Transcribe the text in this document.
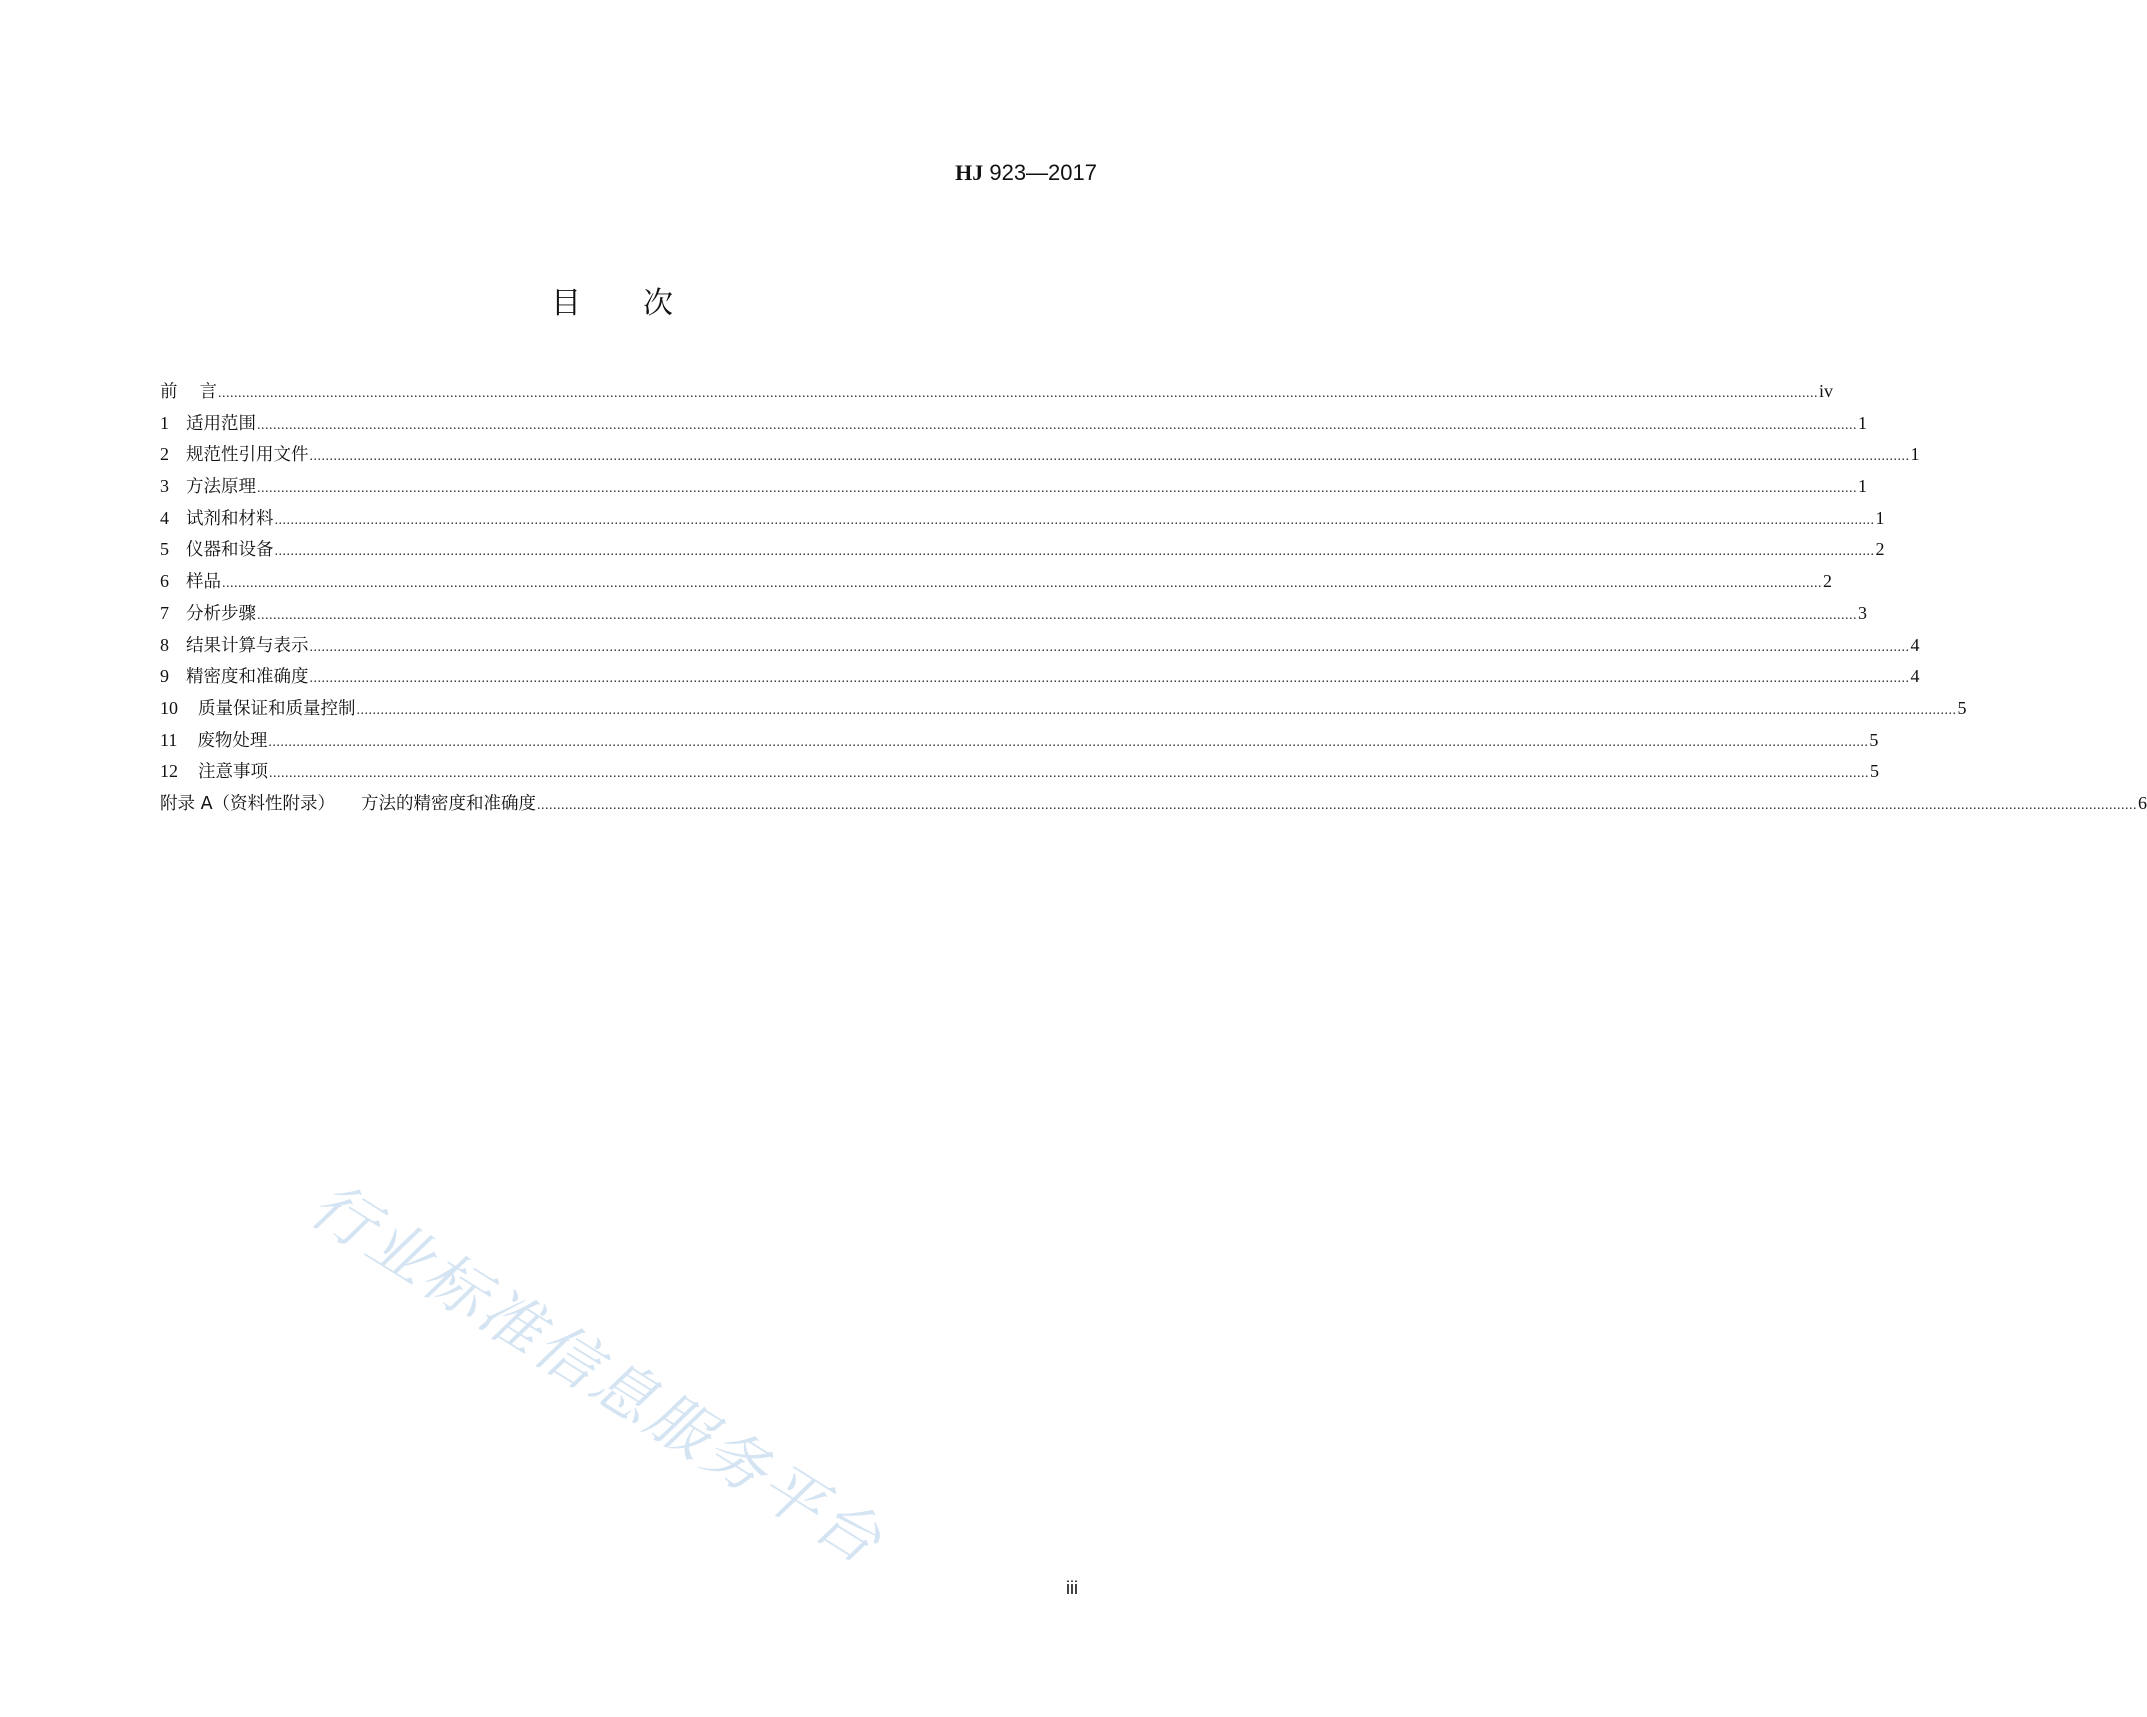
HJ 923—2017
目次
前 言 ................................................................................................................................................................................................................................................................................................................................................................................................................ iv
1 适用范围 ................................................................................................................................................................................................................................................................................................................................................................................................................ 1
2 规范性引用文件 ................................................................................................................................................................................................................................................................................................................................................................................................................ 1
3 方法原理 ................................................................................................................................................................................................................................................................................................................................................................................................................ 1
4 试剂和材料 ................................................................................................................................................................................................................................................................................................................................................................................................................ 1
5 仪器和设备 ................................................................................................................................................................................................................................................................................................................................................................................................................ 2
6 样品 ................................................................................................................................................................................................................................................................................................................................................................................................................ 2
7 分析步骤 ................................................................................................................................................................................................................................................................................................................................................................................................................ 3
8 结果计算与表示 ................................................................................................................................................................................................................................................................................................................................................................................................................ 4
9 精密度和准确度 ................................................................................................................................................................................................................................................................................................................................................................................................................ 4
10 质量保证和质量控制 ................................................................................................................................................................................................................................................................................................................................................................................................................ 5
11 废物处理 ................................................................................................................................................................................................................................................................................................................................................................................................................ 5
12 注意事项 ................................................................................................................................................................................................................................................................................................................................................................................................................ 5
附录 A（资料性附录） 方法的精密度和准确度 ................................................................................................................................................................................................................................................................................................................................................................................................................ 6
行业标准信息服务平台
iii
